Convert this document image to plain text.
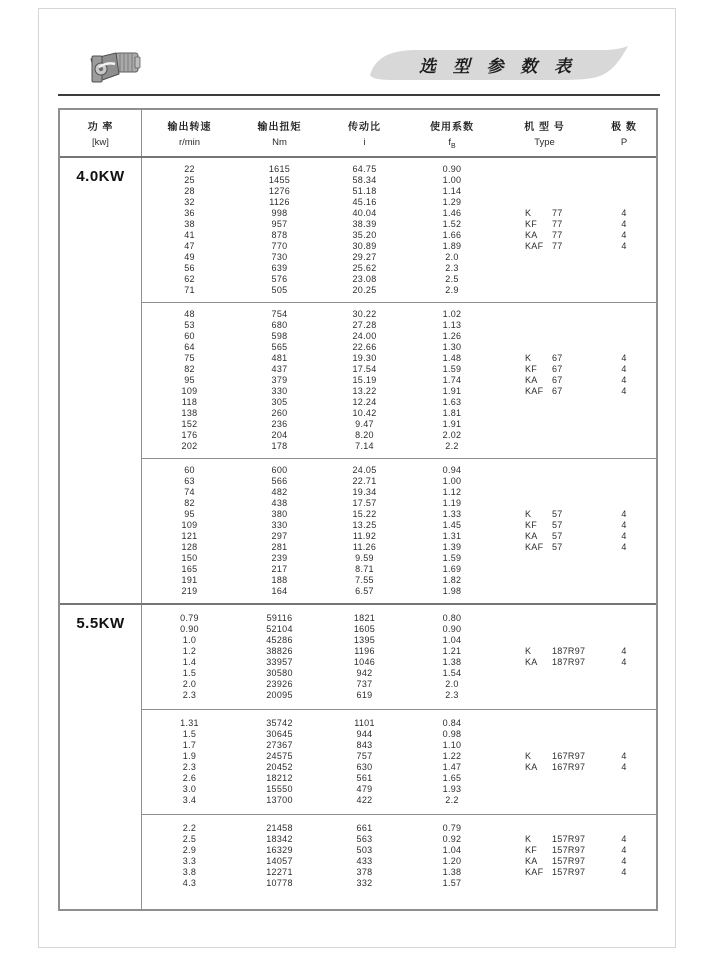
选 型 参 数 表
功 率
[kw]
输出转速
r/min
输出扭矩
Nm
传动比
i
使用系数
$f_B$
机 型 号
Type
极 数
P
4.0KW	22	1615	64.75	0.90
25	1455	58.34	1.00
28	1276	51.18	1.14
32	1126	45.16	1.29
36	998	40.04	1.46	K 77	4
38	957	38.39	1.52	KF 77	4
41	878	35.20	1.66	KA 77	4
47	770	30.89	1.89	KAF 77	4
49	730	29.27	2.0
56	639	25.62	2.3
62	576	23.08	2.5
71	505	20.25	2.9
48	754	30.22	1.02
53	680	27.28	1.13
60	598	24.00	1.26
64	565	22.66	1.30
75	481	19.30	1.48	K 67	4
82	437	17.54	1.59	KF 67	4
95	379	15.19	1.74	KA 67	4
109	330	13.22	1.91	KAF 67	4
118	305	12.24	1.63
138	260	10.42	1.81
152	236	9.47	1.91
176	204	8.20	2.02
202	178	7.14	2.2
60	600	24.05	0.94
63	566	22.71	1.00
74	482	19.34	1.12
82	438	17.57	1.19
95	380	15.22	1.33	K 57	4
109	330	13.25	1.45	KF 57	4
121	297	11.92	1.31	KA 57	4
128	281	11.26	1.39	KAF 57	4
150	239	9.59	1.59
165	217	8.71	1.69
191	188	7.55	1.82
219	164	6.57	1.98
5.5KW	0.79	59116	1821	0.80
0.90	52104	1605	0.90
1.0	45286	1395	1.04
1.2	38826	1196	1.21	K 187R97	4
1.4	33957	1046	1.38	KA 187R97	4
1.5	30580	942	1.54
2.0	23926	737	2.0
2.3	20095	619	2.3
1.31	35742	1101	0.84
1.5	30645	944	0.98
1.7	27367	843	1.10
1.9	24575	757	1.22	K 167R97	4
2.3	20452	630	1.47	KA 167R97	4
2.6	18212	561	1.65
3.0	15550	479	1.93
3.4	13700	422	2.2
2.2	21458	661	0.79
2.5	18342	563	0.92	K 157R97	4
2.9	16329	503	1.04	KF 157R97	4
3.3	14057	433	1.20	KA 157R97	4
3.8	12271	378	1.38	KAF 157R97	4
4.3	10778	332	1.57
